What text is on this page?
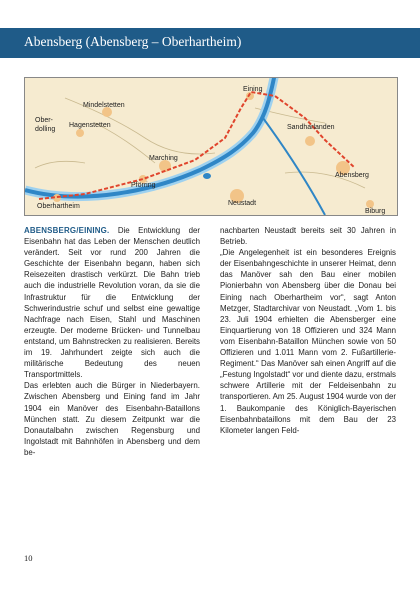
Abensberg (Abensberg – Oberhartheim)
Mindelstetten
Ober-
dolling
Hagenstetten
Marching
Pförring
Oberhartheim
Eining
Sandharlanden
Abensberg
Neustadt
Biburg

ABENSBERG/EINING. Die Entwicklung der Eisenbahn hat das Leben der Menschen deutlich verändert. Seit vor rund 200 Jahren die Geschichte der Eisenbahn begann, haben sich Reisezeiten drastisch verkürzt. Die Bahn trieb auch die industrielle Revolution voran, da sie die Infrastruktur für die Entwicklung der Schwerindustrie schuf und selbst eine gewaltige Nachfrage nach Eisen, Stahl und Maschinen erzeugte. Der moderne Brücken- und Tunnelbau entstand, um Bahnstrecken zu realisieren. Bereits im 19. Jahrhundert zeigte sich auch die militärische Bedeutung des neuen Transportmittels.

Das erlebten auch die Bürger in Niederbayern. Zwischen Abensberg und Eining fand im Jahr 1904 ein Manöver des Eisenbahn-Bataillons München statt. Zu diesem Zeitpunkt war die Donautalbahn zwischen Regensburg und Ingolstadt mit Bahnhöfen in Abensberg und dem be-

nachbarten Neustadt bereits seit 30 Jahren in Betrieb.

„Die Angelegenheit ist ein besonderes Ereignis der Eisenbahngeschichte in unserer Heimat, denn das Manöver sah den Bau einer mobilen Pionierbahn von Abensberg über die Donau bei Eining nach Oberhartheim vor“, sagt Anton Metzger, Stadtarchivar von Neustadt. „Vom 1. bis 23. Juli 1904 erhielten die Abensberger eine Einquartierung von 18 Offizieren und 324 Mann vom Eisenbahn-Bataillon München sowie von 50 Offizieren und 1.011 Mann vom 2. Fußartillerie-Regiment.“ Das Manöver sah einen Angriff auf die „Festung Ingolstadt“ vor und diente dazu, erstmals schwere Artillerie mit der Feldeisenbahn zu transportieren. Am 25. August 1904 wurde von der 1. Baukompanie des Königlich-Bayerischen Eisenbahnbataillons mit dem Bau der 23 Kilometer langen Feld-

10
